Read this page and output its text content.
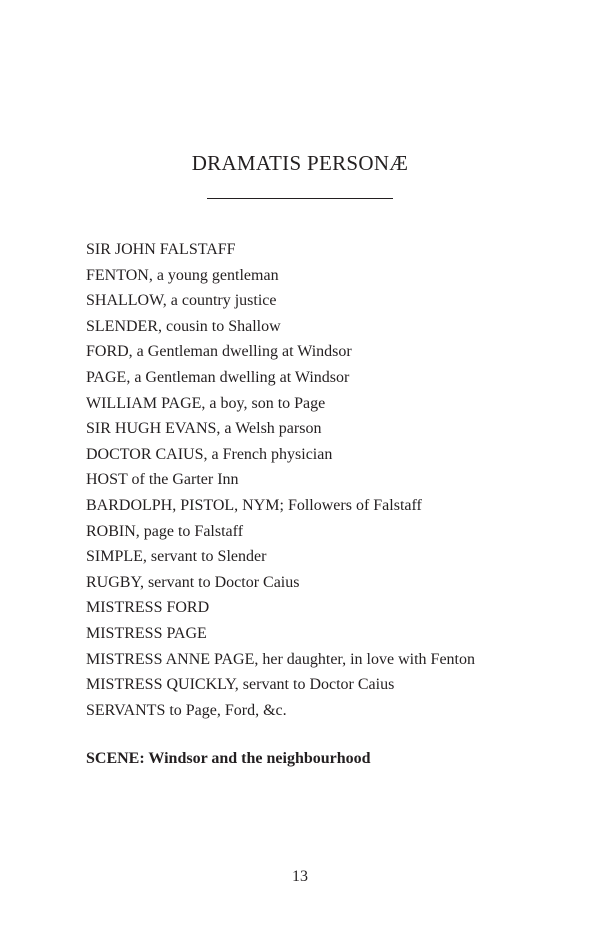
DRAMATIS PERSONÆ
SIR JOHN FALSTAFF
FENTON, a young gentleman
SHALLOW, a country justice
SLENDER, cousin to Shallow
FORD, a Gentleman dwelling at Windsor
PAGE, a Gentleman dwelling at Windsor
WILLIAM PAGE, a boy, son to Page
SIR HUGH EVANS, a Welsh parson
DOCTOR CAIUS, a French physician
HOST of the Garter Inn
BARDOLPH, PISTOL, NYM; Followers of Falstaff
ROBIN, page to Falstaff
SIMPLE, servant to Slender
RUGBY, servant to Doctor Caius
MISTRESS FORD
MISTRESS PAGE
MISTRESS ANNE PAGE, her daughter, in love with Fenton
MISTRESS QUICKLY, servant to Doctor Caius
SERVANTS to Page, Ford, &c.
SCENE: Windsor and the neighbourhood
13
